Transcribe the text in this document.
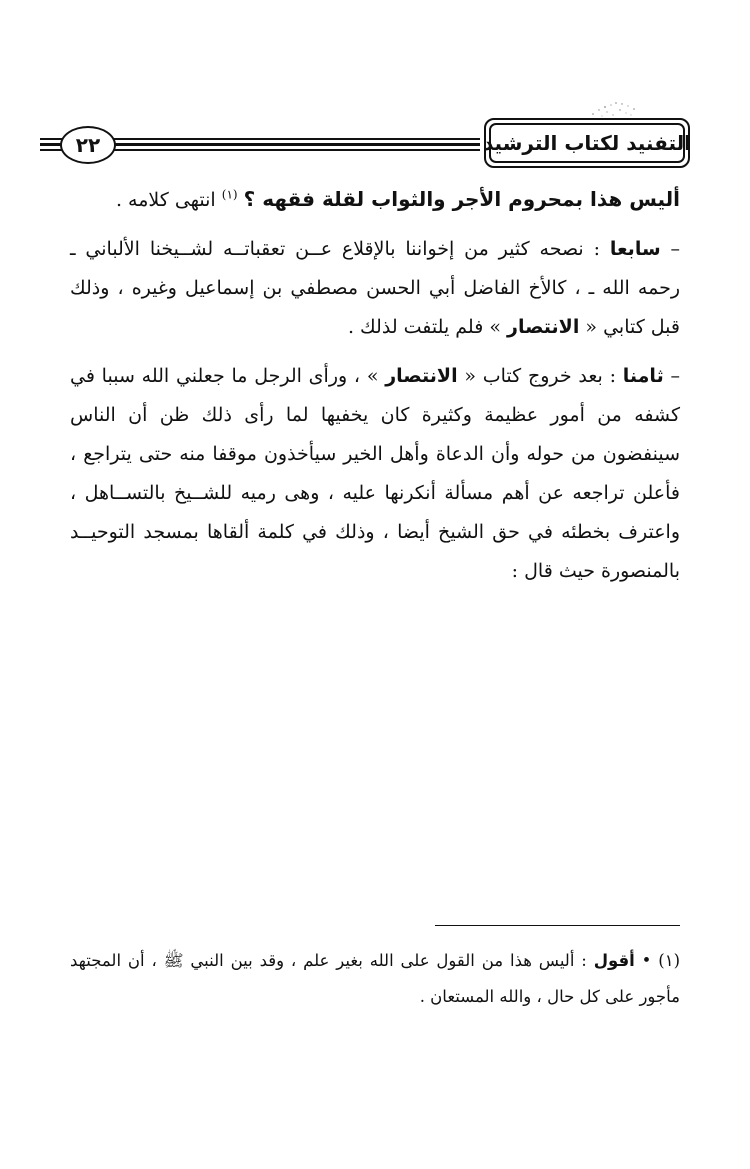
٢٢	التفنيد لكتاب الترشيد

أليس هذا بمحروم الأجر والثواب لقلة فقهه ؟ $^{(١)}$ انتهى كلامه .

– سابعا : نصحه كثير من إخواننا بالإقلاع عــن تعقباتــه لشــيخنا الألباني ـ رحمه الله ـ ، كالأخ الفاضل أبي الحسن مصطفي بن إسماعيل وغيره ، وذلك قبل كتابي « الانتصار » فلم يلتفت لذلك .

– ثامنا : بعد خروج كتاب « الانتصار » ، ورأى الرجل ما جعلني الله سببا في كشفه من أمور عظيمة وكثيرة كان يخفيها لما رأى ذلك ظن أن الناس سينفضون من حوله وأن الدعاة وأهل الخير سيأخذون موقفا منه حتى يتراجع ، فأعلن تراجعه عن أهم مسألة أنكرنها عليه ، وهى رميه للشــيخ بالتســاهل ، واعترف بخطئه في حق الشيخ أيضا ، وذلك في كلمة ألقاها بمسجد التوحيــد بالمنصورة حيث قال :

(١) • أقول : أليس هذا من القول على الله بغير علم ، وقد بين النبي ﷺ ، أن المجتهد مأجور على كل حال ، والله المستعان .
